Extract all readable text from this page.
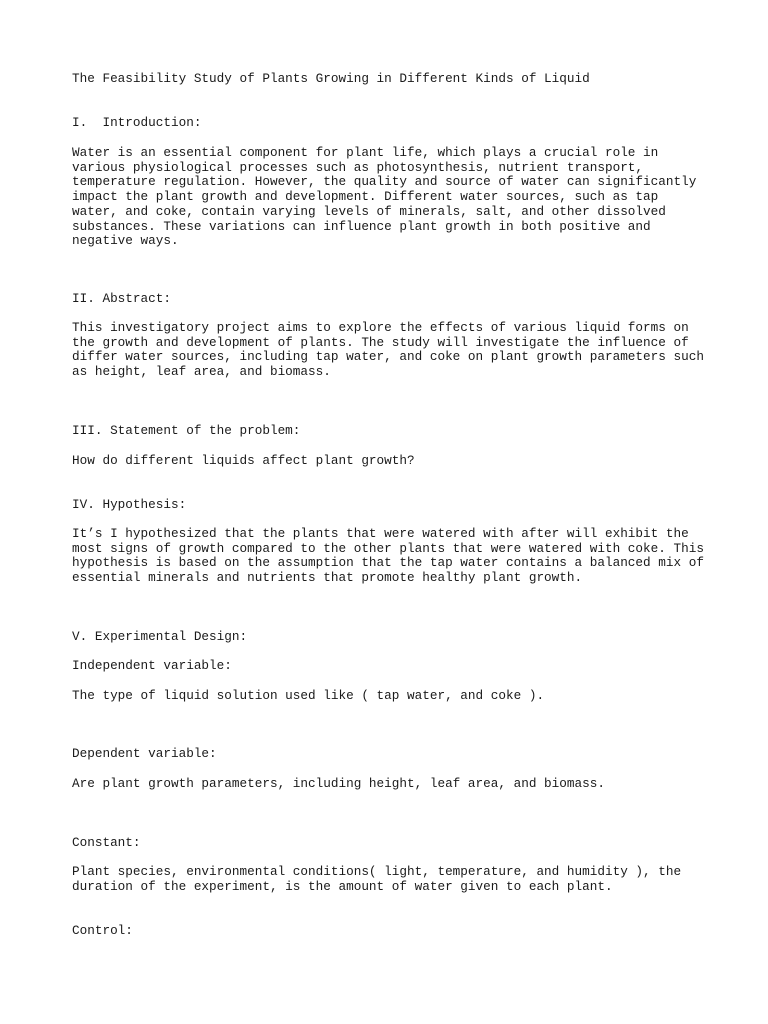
The Feasibility Study of Plants Growing in Different Kinds of Liquid
I.  Introduction:
Water is an essential component for plant life, which plays a crucial role in
various physiological processes such as photosynthesis, nutrient transport,
temperature regulation. However, the quality and source of water can significantly
impact the plant growth and development. Different water sources, such as tap
water, and coke, contain varying levels of minerals, salt, and other dissolved
substances. These variations can influence plant growth in both positive and
negative ways.
II. Abstract:
This investigatory project aims to explore the effects of various liquid forms on
the growth and development of plants. The study will investigate the influence of
differ water sources, including tap water, and coke on plant growth parameters such
as height, leaf area, and biomass.
III. Statement of the problem:
How do different liquids affect plant growth?
IV. Hypothesis:
It’s I hypothesized that the plants that were watered with after will exhibit the
most signs of growth compared to the other plants that were watered with coke. This
hypothesis is based on the assumption that the tap water contains a balanced mix of
essential minerals and nutrients that promote healthy plant growth.
V. Experimental Design:
Independent variable:
The type of liquid solution used like ( tap water, and coke ).
Dependent variable:
Are plant growth parameters, including height, leaf area, and biomass.
Constant:
Plant species, environmental conditions( light, temperature, and humidity ), the
duration of the experiment, is the amount of water given to each plant.
Control:
